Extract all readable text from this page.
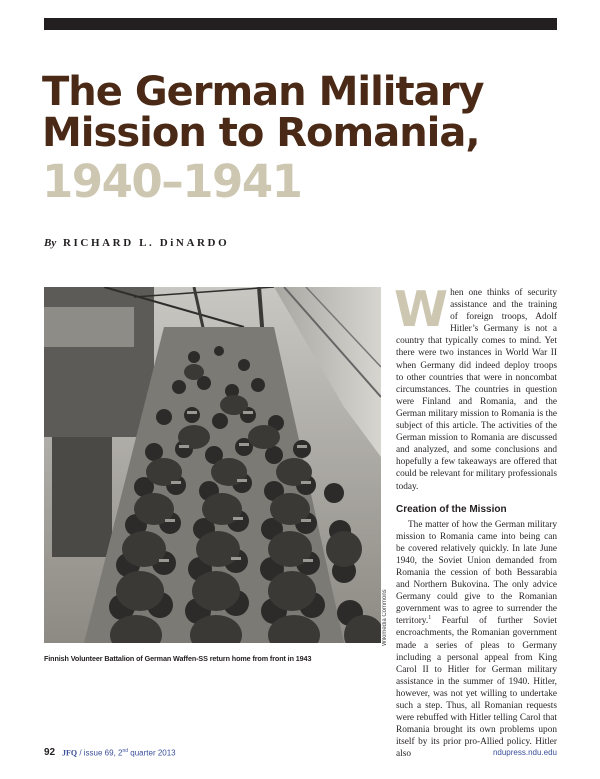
The German Military
Mission to Romania,
1940–1941
By RICHARD L. DiNARDO
Wikimedia Commons
Finnish Volunteer Battalion of German Waffen-SS return home from front in 1943

When one thinks of security assistance and the training of foreign troops, Adolf Hitler’s Germany is not a country that typically comes to mind. Yet there were two instances in World War II when Germany did indeed deploy troops to other countries that were in noncombat circumstances. The countries in question were Finland and Romania, and the German military mission to Romania is the subject of this article. The activities of the German mission to Romania are discussed and analyzed, and some conclusions and hopefully a few takeaways are offered that could be relevant for military professionals today.

Creation of the Mission

The matter of how the German military mission to Romania came into being can be covered relatively quickly. In late June 1940, the Soviet Union demanded from Romania the cession of both Bessarabia and Northern Bukovina. The only advice Germany could give to the Romanian government was to agree to surrender the territory.$^1$ Fearful of further Soviet encroachments, the Romanian government made a series of pleas to Germany including a personal appeal from King Carol II to Hitler for German military assistance in the summer of 1940. Hitler, however, was not yet willing to undertake such a step. Thus, all Romanian requests were rebuffed with Hitler telling Carol that Romania brought its own problems upon itself by its prior pro-Allied policy. Hitler also

92 JFQ / issue 69, 2nd quarter 2013	ndupress.ndu.edu
